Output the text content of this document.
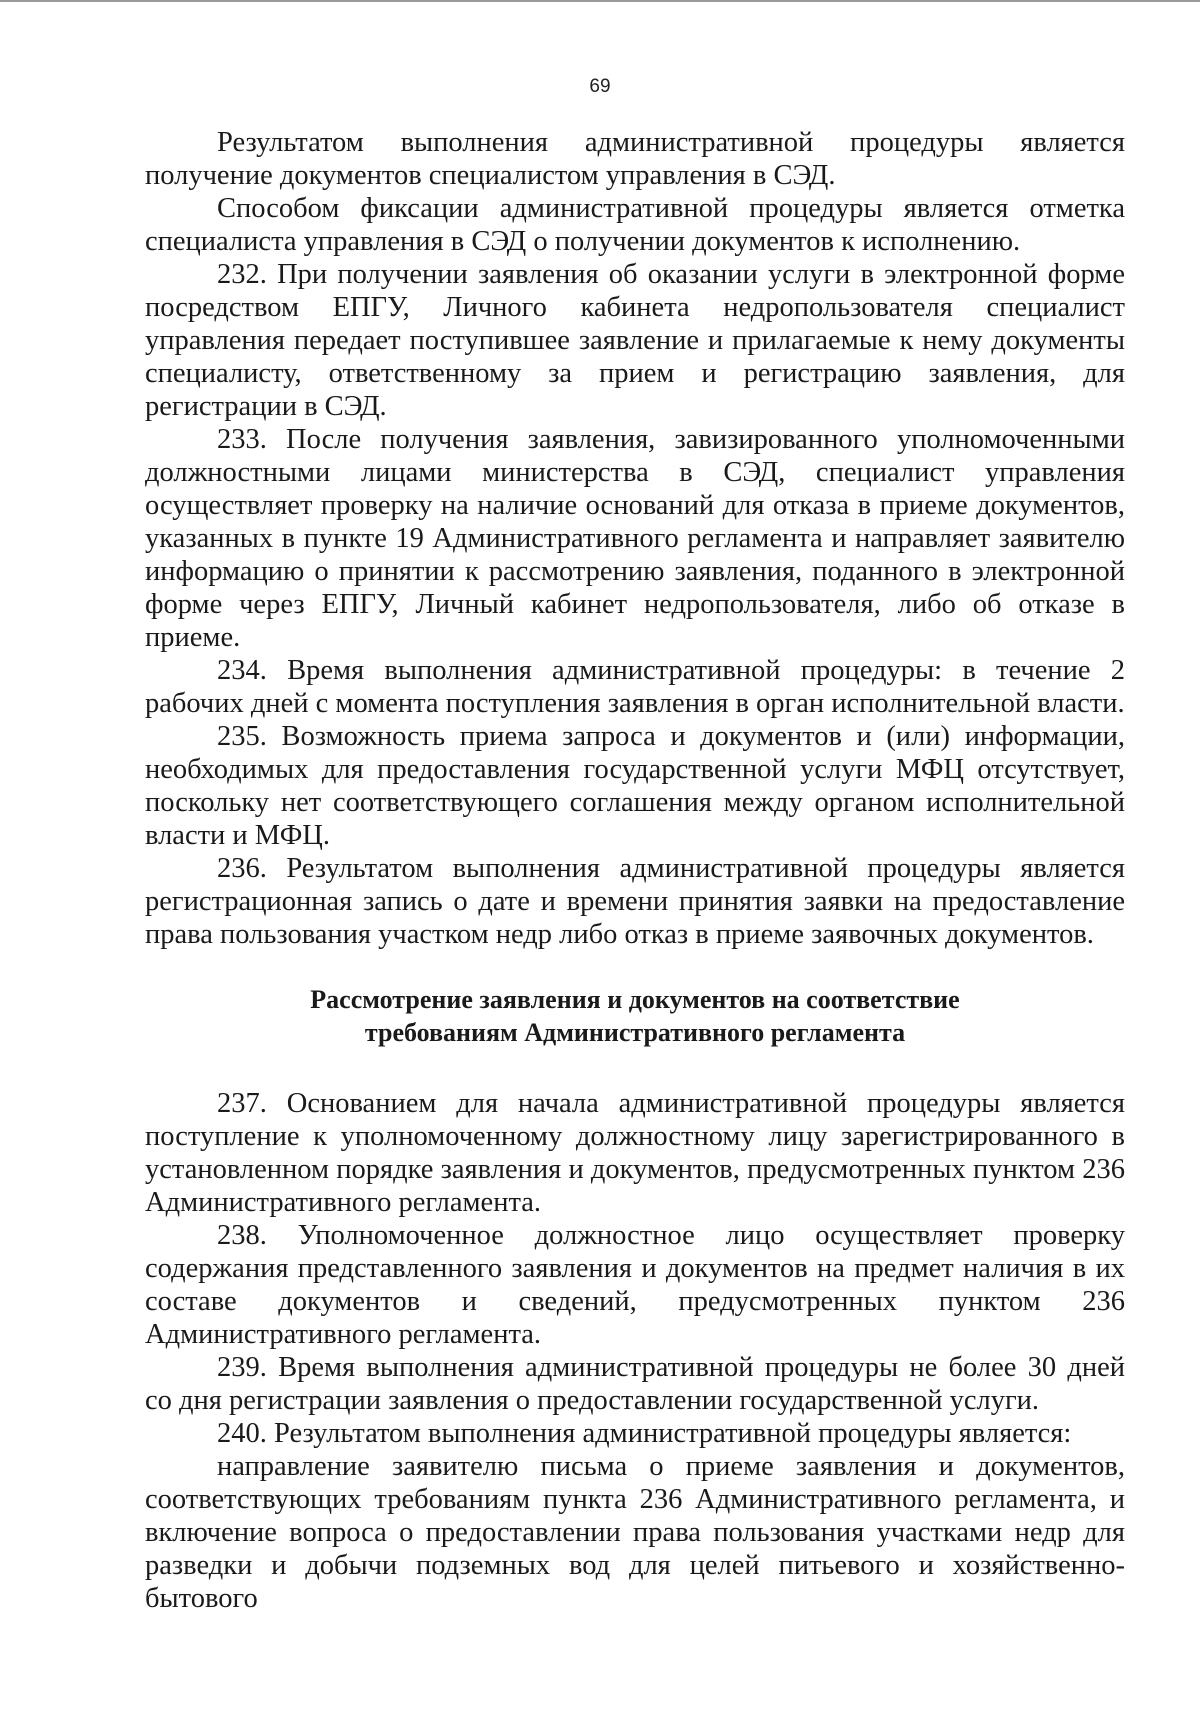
69

Результатом выполнения административной процедуры является получение документов специалистом управления в СЭД.

Способом фиксации административной процедуры является отметка специалиста управления в СЭД о получении документов к исполнению.

232. При получении заявления об оказании услуги в электронной форме посредством ЕПГУ, Личного кабинета недропользователя специалист управления передает поступившее заявление и прилагаемые к нему документы специалисту, ответственному за прием и регистрацию заявления, для регистрации в СЭД.

233. После получения заявления, завизированного уполномоченными должностными лицами министерства в СЭД, специалист управления осуществляет проверку на наличие оснований для отказа в приеме документов, указанных в пункте 19 Административного регламента и направляет заявителю информацию о принятии к рассмотрению заявления, поданного в электронной форме через ЕПГУ, Личный кабинет недропользователя, либо об отказе в приеме.

234. Время выполнения административной процедуры: в течение 2 рабочих дней с момента поступления заявления в орган исполнительной власти.

235. Возможность приема запроса и документов и (или) информации, необходимых для предоставления государственной услуги МФЦ отсутствует, поскольку нет соответствующего соглашения между органом исполнительной власти и МФЦ.

236. Результатом выполнения административной процедуры является регистрационная запись о дате и времени принятия заявки на предоставление права пользования участком недр либо отказ в приеме заявочных документов.

Рассмотрение заявления и документов на соответствие
требованиям Административного регламента

237. Основанием для начала административной процедуры является поступление к уполномоченному должностному лицу зарегистрированного в установленном порядке заявления и документов, предусмотренных пунктом 236 Административного регламента.

238. Уполномоченное должностное лицо осуществляет проверку содержания представленного заявления и документов на предмет наличия в их составе документов и сведений, предусмотренных пунктом 236 Административного регламента.

239. Время выполнения административной процедуры не более 30 дней со дня регистрации заявления о предоставлении государственной услуги.

240. Результатом выполнения административной процедуры является:

направление заявителю письма о приеме заявления и документов, соответствующих требованиям пункта 236 Административного регламента, и включение вопроса о предоставлении права пользования участками недр для разведки и добычи подземных вод для целей питьевого и хозяйственно-бытового
